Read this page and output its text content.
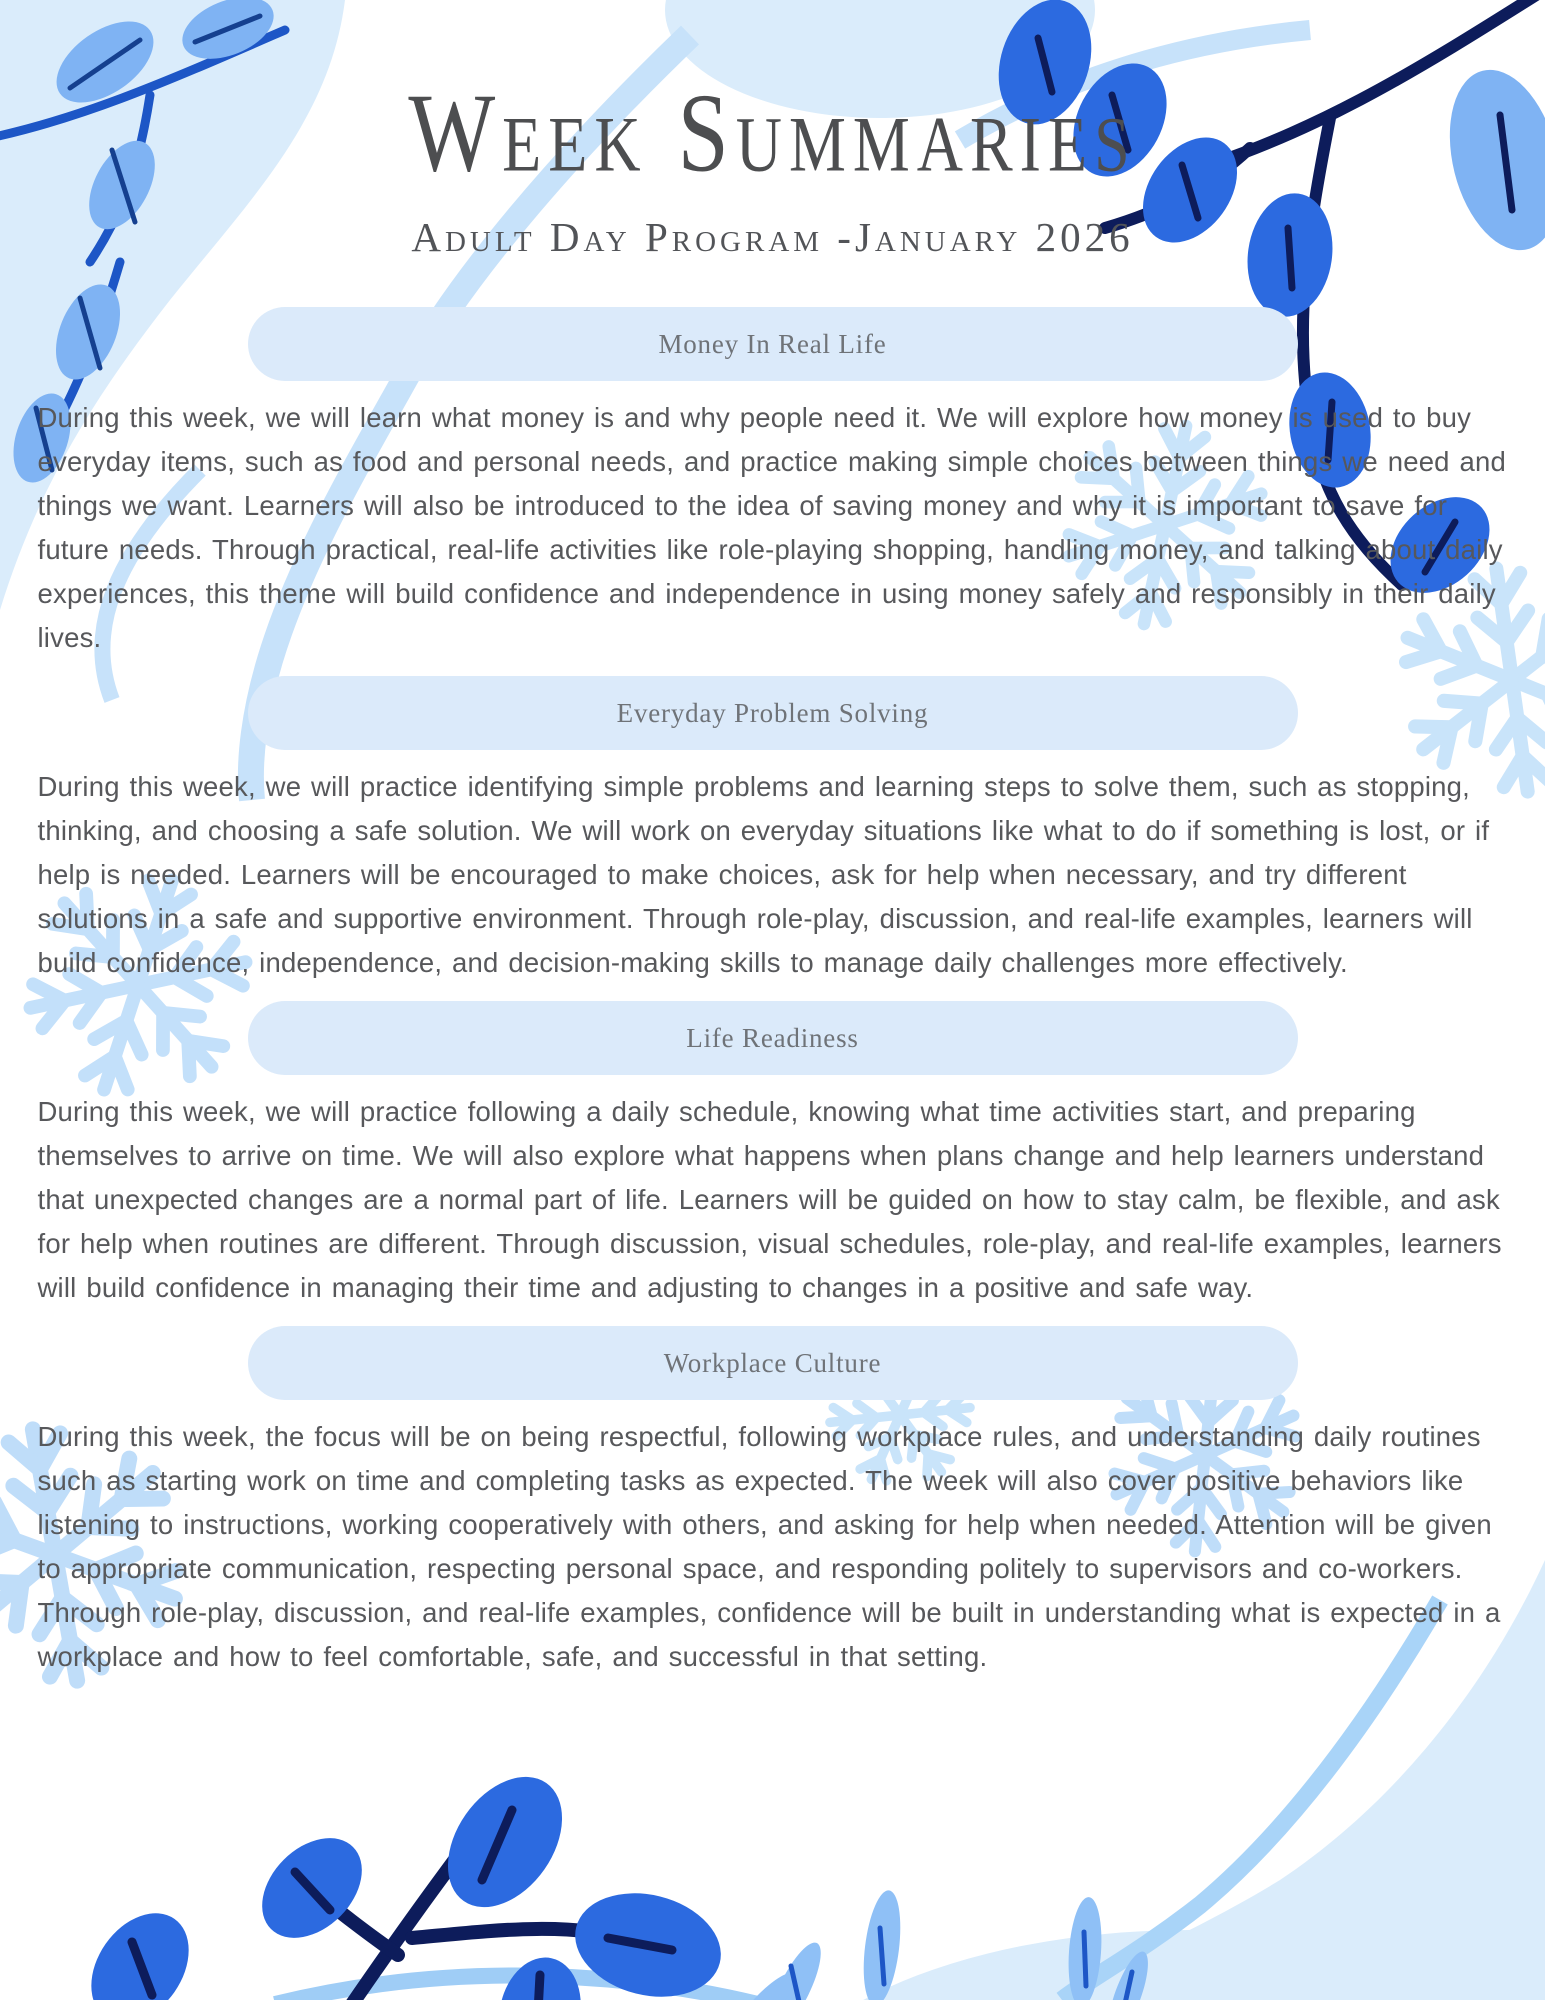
Week Summaries
Adult Day Program -January 2026
Money In Real Life

During this week, we will learn what money is and why people need it. We will explore how money is used to buy everyday items, such as food and personal needs, and practice making simple choices between things we need and things we want. Learners will also be introduced to the idea of saving money and why it is important to save for future needs. Through practical, real-life activities like role-playing shopping, handling money, and talking about daily experiences, this theme will build confidence and independence in using money safely and responsibly in their daily lives.

Everyday Problem Solving

During this week, we will practice identifying simple problems and learning steps to solve them, such as stopping, thinking, and choosing a safe solution. We will work on everyday situations like what to do if something is lost, or if help is needed. Learners will be encouraged to make choices, ask for help when necessary, and try different solutions in a safe and supportive environment. Through role-play, discussion, and real-life examples, learners will build confidence, independence, and decision-making skills to manage daily challenges more effectively.

Life Readiness

During this week, we will practice following a daily schedule, knowing what time activities start, and preparing themselves to arrive on time. We will also explore what happens when plans change and help learners understand that unexpected changes are a normal part of life. Learners will be guided on how to stay calm, be flexible, and ask for help when routines are different. Through discussion, visual schedules, role-play, and real-life examples, learners will build confidence in managing their time and adjusting to changes in a positive and safe way.

Workplace Culture

During this week, the focus will be on being respectful, following workplace rules, and understanding daily routines such as starting work on time and completing tasks as expected. The week will also cover positive behaviors like listening to instructions, working cooperatively with others, and asking for help when needed. Attention will be given to appropriate communication, respecting personal space, and responding politely to supervisors and co-workers. Through role-play, discussion, and real-life examples, confidence will be built in understanding what is expected in a workplace and how to feel comfortable, safe, and successful in that setting.
